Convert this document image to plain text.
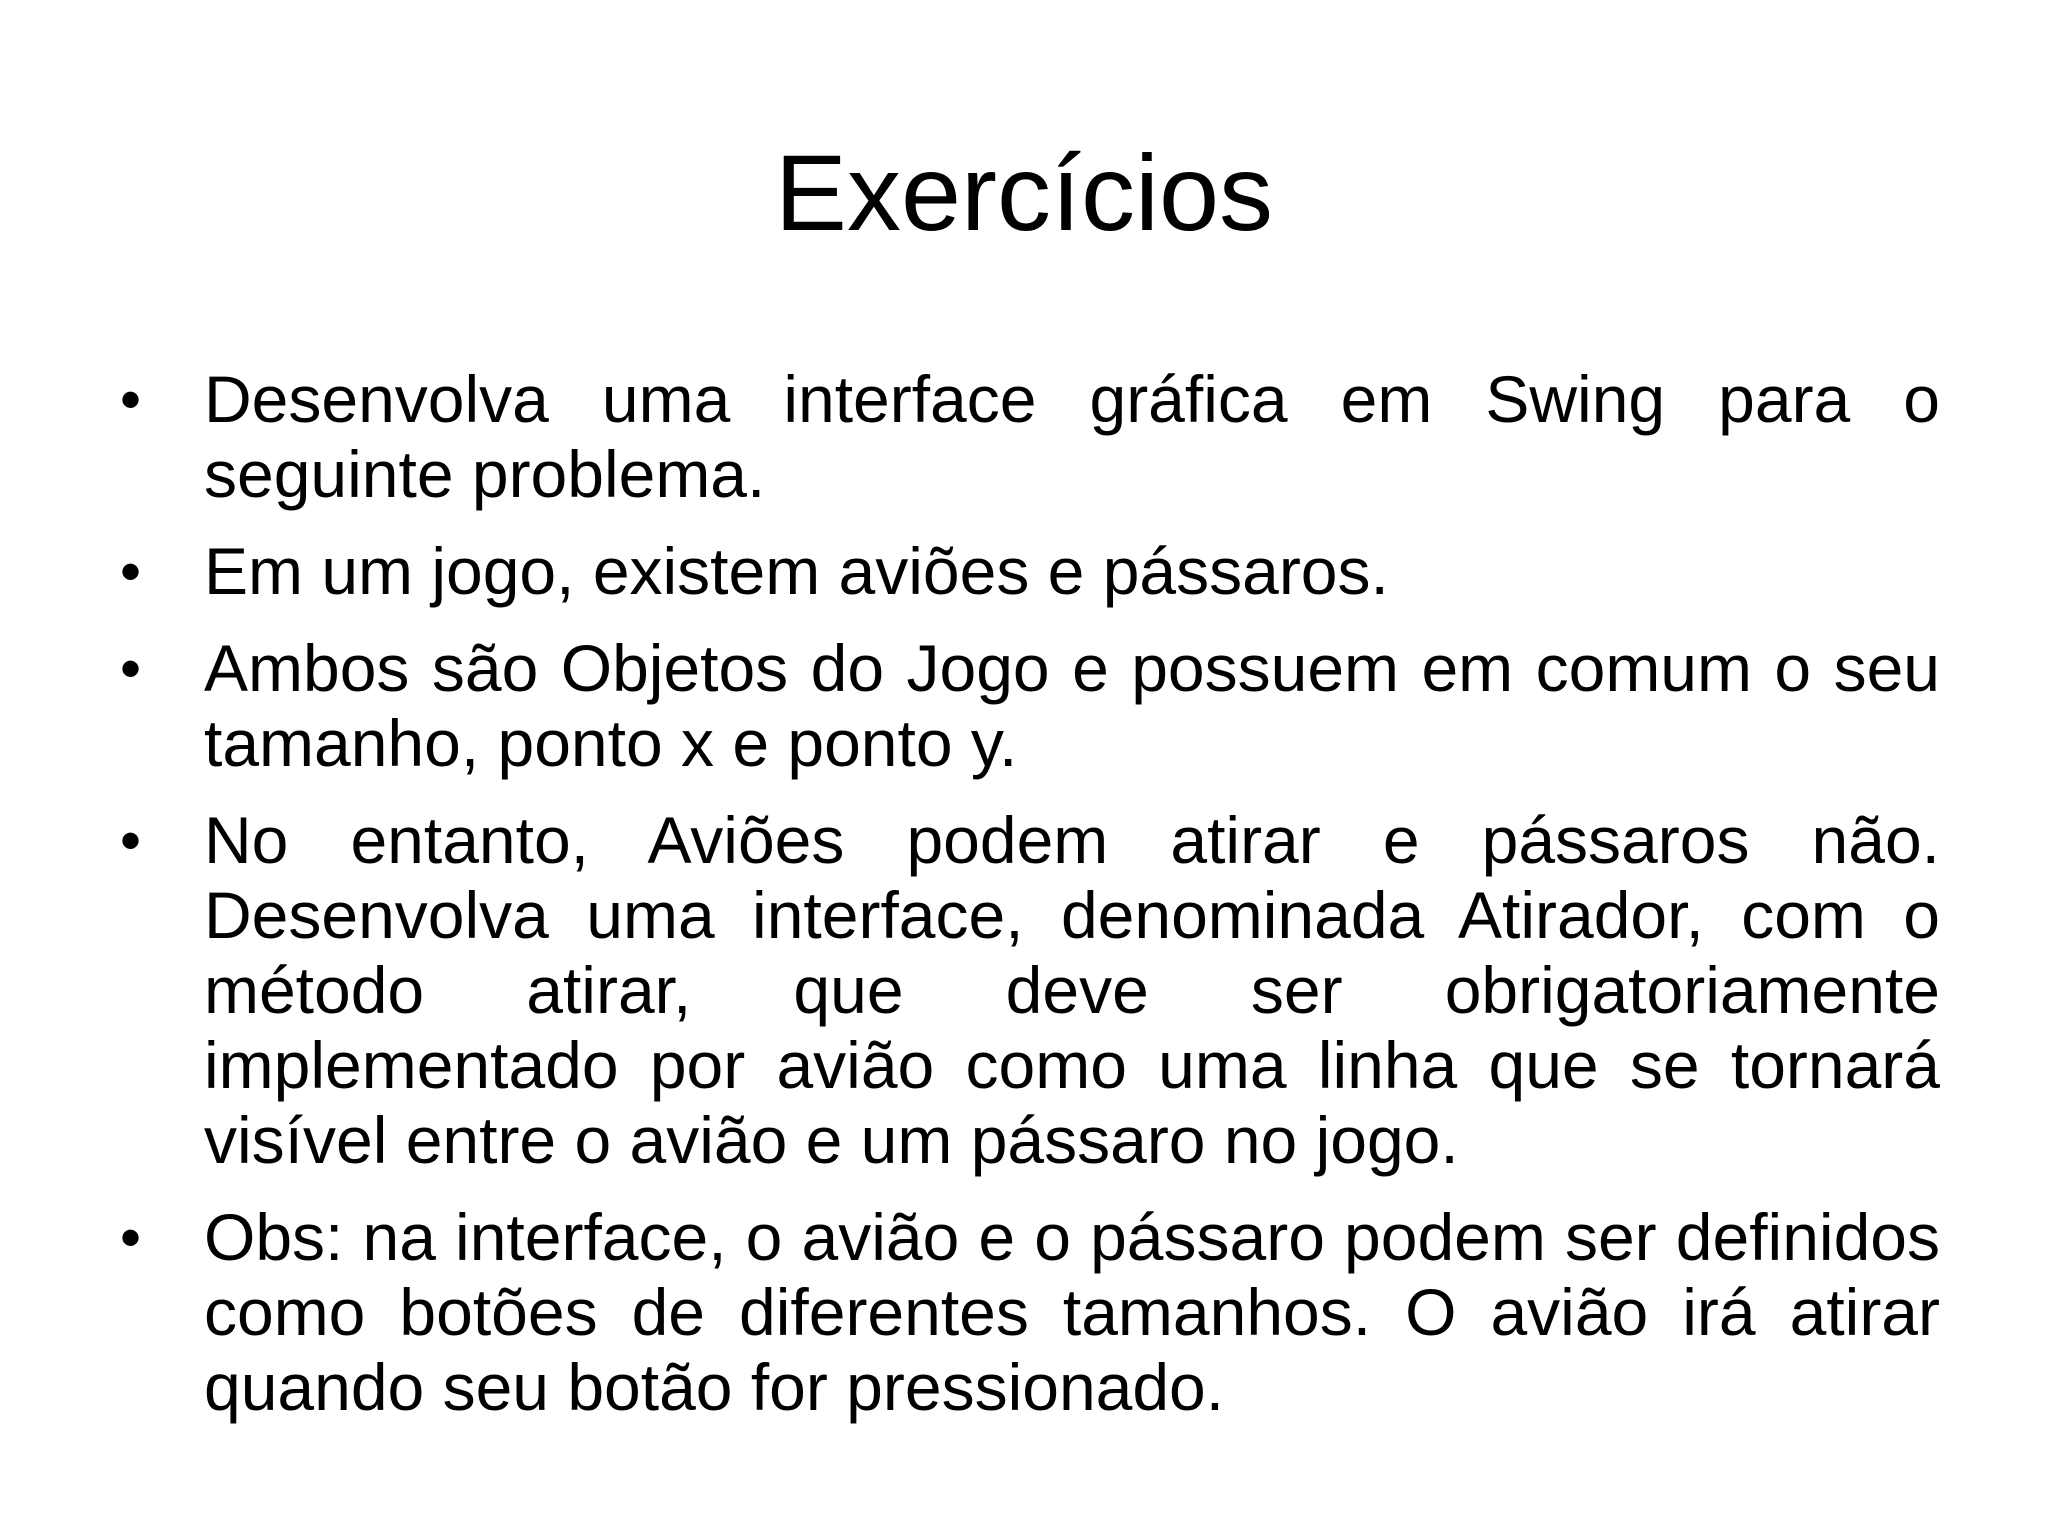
Exercícios
• Desenvolva uma interface gráfica em Swing para o seguinte problema.
• Em um jogo, existem aviões e pássaros.
• Ambos são Objetos do Jogo e possuem em comum o seu tamanho, ponto x e ponto y.
• No entanto, Aviões podem atirar e pássaros não. Desenvolva uma interface, denominada Atirador, com o método atirar, que deve ser obrigatoriamente implementado por avião como uma linha que se tornará visível entre o avião e um pássaro no jogo.
• Obs: na interface, o avião e o pássaro podem ser definidos como botões de diferentes tamanhos. O avião irá atirar quando seu botão for pressionado.
